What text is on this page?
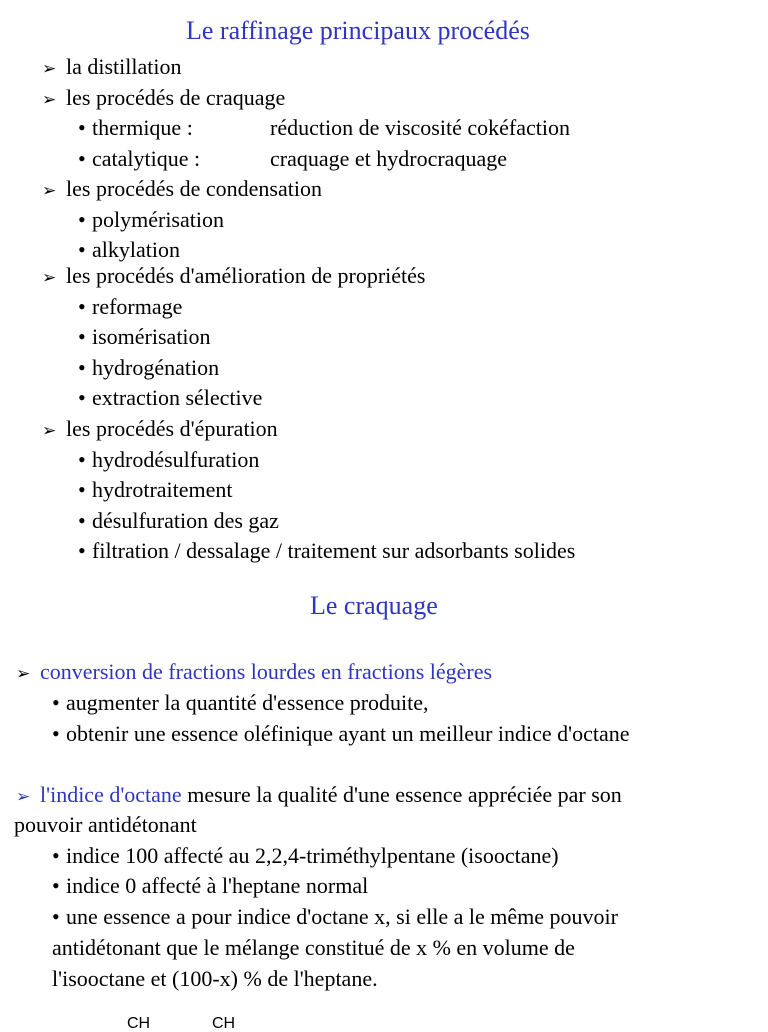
Le raffinage principaux procédés
➢ la distillation
➢ les procédés de craquage
• thermique :	réduction de viscosité cokéfaction
• catalytique :	craquage et hydrocraquage
➢ les procédés de condensation
• polymérisation
• alkylation
➢ les procédés d'amélioration de propriétés
• reformage
• isomérisation
• hydrogénation
• extraction sélective
➢ les procédés d'épuration
• hydrodésulfuration
• hydrotraitement
• désulfuration des gaz
• filtration / dessalage / traitement sur adsorbants solides
Le craquage
➢ conversion de fractions lourdes en fractions légères
• augmenter la quantité d'essence produite,
• obtenir une essence oléfinique ayant un meilleur indice d'octane
➢ l'indice d'octane mesure la qualité d'une essence appréciée par son
pouvoir antidétonant
• indice 100 affecté au 2,2,4-triméthylpentane (isooctane)
• indice 0 affecté à l'heptane normal
• une essence a pour indice d'octane x, si elle a le même pouvoir
antidétonant que le mélange constitué de x % en volume de
l'isooctane et (100-x) % de l'heptane.
CH	CH
